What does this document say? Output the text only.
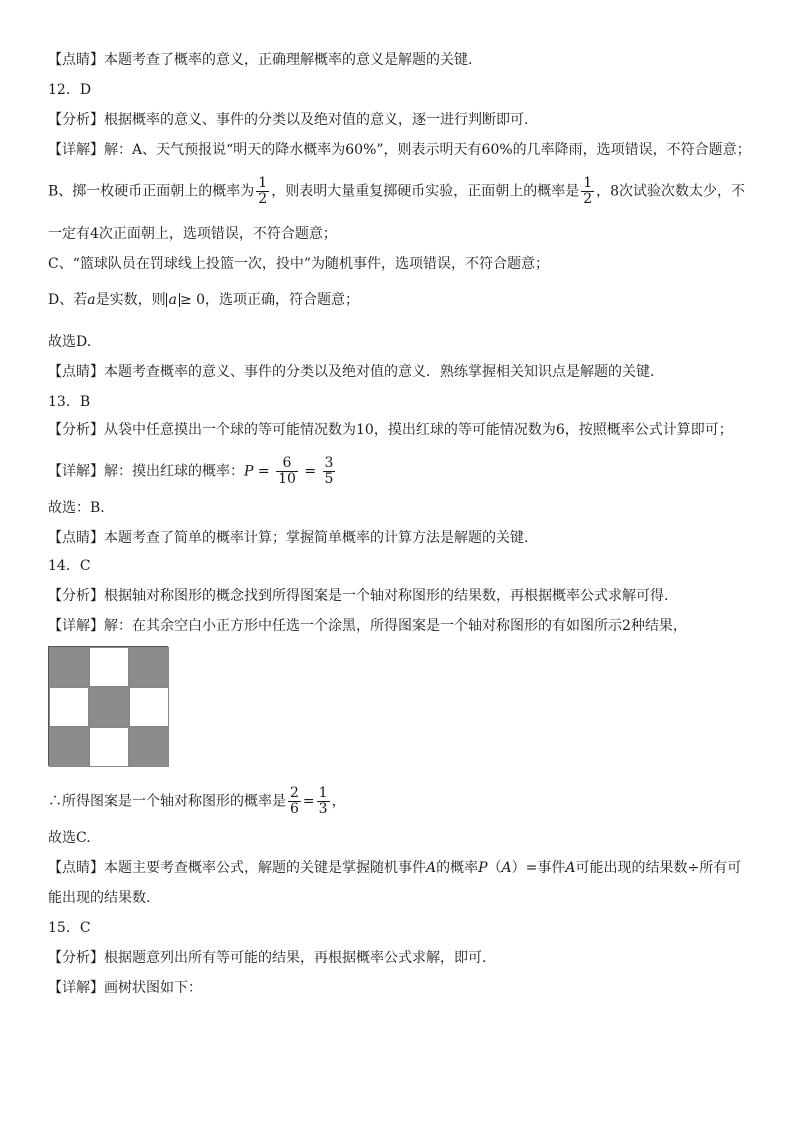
【点睛】本题考查了概率的意义，正确理解概率的意义是解题的关键.
12．D
【分析】根据概率的意义、事件的分类以及绝对值的意义，逐一进行判断即可.
【详解】解：A、天气预报说“明天的降水概率为60%”，则表示明天有60%的几率降雨，选项错误，不符合题意；
B、掷一枚硬币正面朝上的概率为 $\frac{1}{2}$ ，则表明大量重复掷硬币实验，正面朝上的概率是 $\frac{1}{2}$ ，8次试验次数太少，不
一定有4次正面朝上，选项错误，不符合题意；
C、“篮球队员在罚球线上投篮一次，投中”为随机事件，选项错误，不符合题意；
D、若a是实数，则 a ≥ 0，选项正确，符合题意；
故选D.
【点睛】本题考查概率的意义、事件的分类以及绝对值的意义．熟练掌握相关知识点是解题的关键.
13．B
【分析】从袋中任意摸出一个球的等可能情况数为10，摸出红球的等可能情况数为6，按照概率公式计算即可；
【详解】解：摸出红球的概率：$P = \frac{6}{10} = \frac{3}{5}$
故选：B.
【点睛】本题考查了简单的概率计算；掌握简单概率的计算方法是解题的关键.
14．C
【分析】根据轴对称图形的概念找到所得图案是一个轴对称图形的结果数，再根据概率公式求解可得.
【详解】解：在其余空白小正方形中任选一个涂黑，所得图案是一个轴对称图形的有如图所示2种结果，
∴所得图案是一个轴对称图形的概率是 $\frac{2}{6} = \frac{1}{3}$ ，
故选C.
【点睛】本题主要考查概率公式，解题的关键是掌握随机事件A的概率P（A）=事件A可能出现的结果数÷所有可
能出现的结果数.
15．C
【分析】根据题意列出所有等可能的结果，再根据概率公式求解，即可.
【详解】画树状图如下：
